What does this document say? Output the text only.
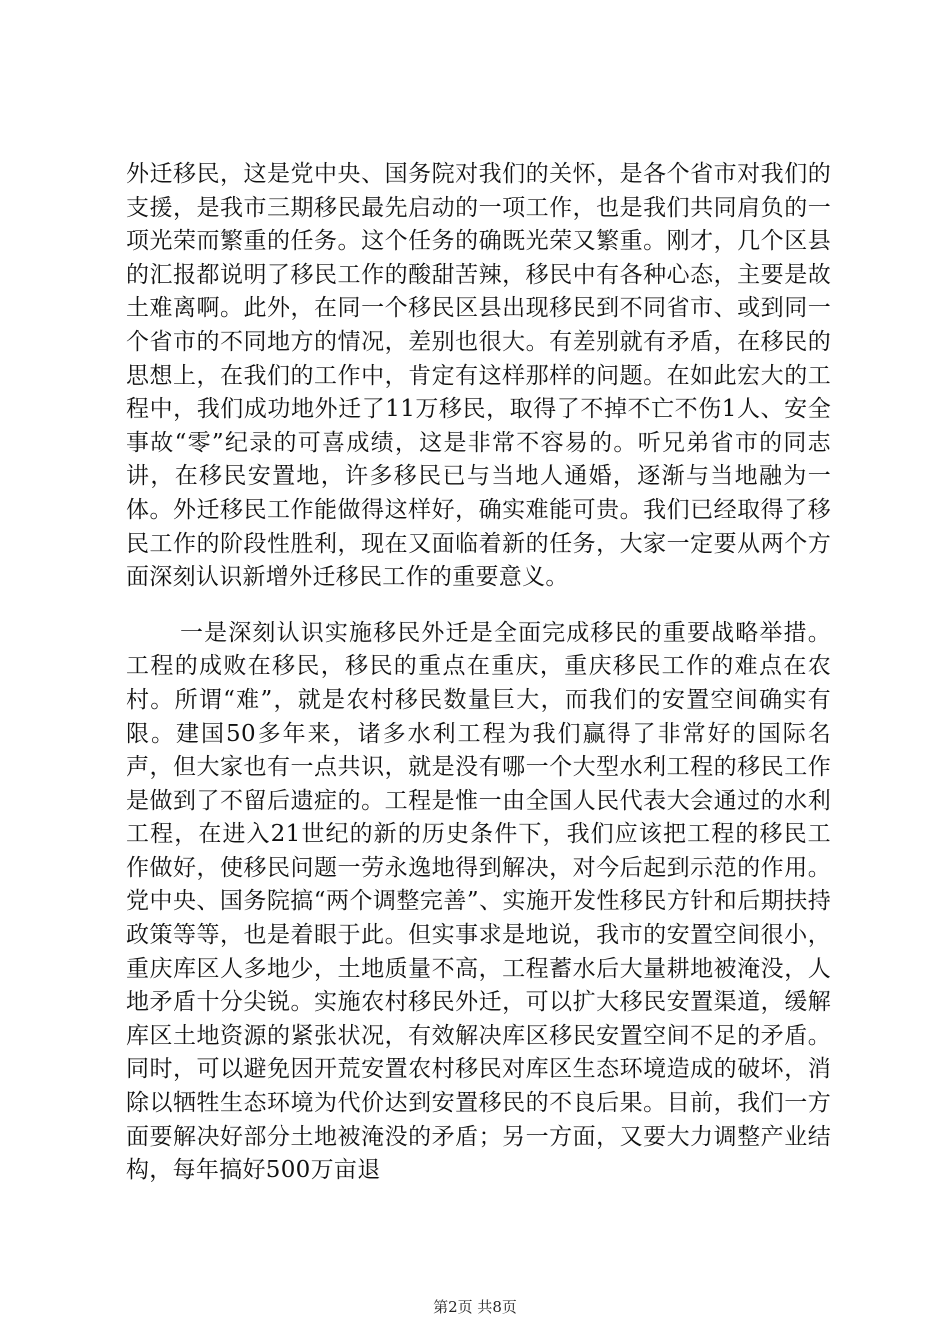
外迁移民，这是党中央、国务院对我们的关怀，是各个省市对我们的支援，是我市三期移民最先启动的一项工作，也是我们共同肩负的一项光荣而繁重的任务。这个任务的确既光荣又繁重。刚才，几个区县的汇报都说明了移民工作的酸甜苦辣，移民中有各种心态，主要是故土难离啊。此外，在同一个移民区县出现移民到不同省市、或到同一个省市的不同地方的情况，差别也很大。有差别就有矛盾，在移民的思想上，在我们的工作中，肯定有这样那样的问题。在如此宏大的工程中，我们成功地外迁了11万移民，取得了不掉不亡不伤1人、安全事故“零”纪录的可喜成绩，这是非常不容易的。听兄弟省市的同志讲，在移民安置地，许多移民已与当地人通婚，逐渐与当地融为一体。外迁移民工作能做得这样好，确实难能可贵。我们已经取得了移民工作的阶段性胜利，现在又面临着新的任务，大家一定要从两个方面深刻认识新增外迁移民工作的重要意义。

一是深刻认识实施移民外迁是全面完成移民的重要战略举措。工程的成败在移民，移民的重点在重庆，重庆移民工作的难点在农村。所谓“难”，就是农村移民数量巨大，而我们的安置空间确实有限。建国50多年来，诸多水利工程为我们赢得了非常好的国际名声，但大家也有一点共识，就是没有哪一个大型水利工程的移民工作是做到了不留后遗症的。工程是惟一由全国人民代表大会通过的水利工程，在进入21世纪的新的历史条件下，我们应该把工程的移民工作做好，使移民问题一劳永逸地得到解决，对今后起到示范的作用。党中央、国务院搞“两个调整完善”、实施开发性移民方针和后期扶持政策等等，也是着眼于此。但实事求是地说，我市的安置空间很小，重庆库区人多地少，土地质量不高，工程蓄水后大量耕地被淹没，人地矛盾十分尖锐。实施农村移民外迁，可以扩大移民安置渠道，缓解库区土地资源的紧张状况，有效解决库区移民安置空间不足的矛盾。同时，可以避免因开荒安置农村移民对库区生态环境造成的破坏，消除以牺牲生态环境为代价达到安置移民的不良后果。目前，我们一方面要解决好部分土地被淹没的矛盾；另一方面，又要大力调整产业结构，每年搞好500万亩退

第2页 共8页
